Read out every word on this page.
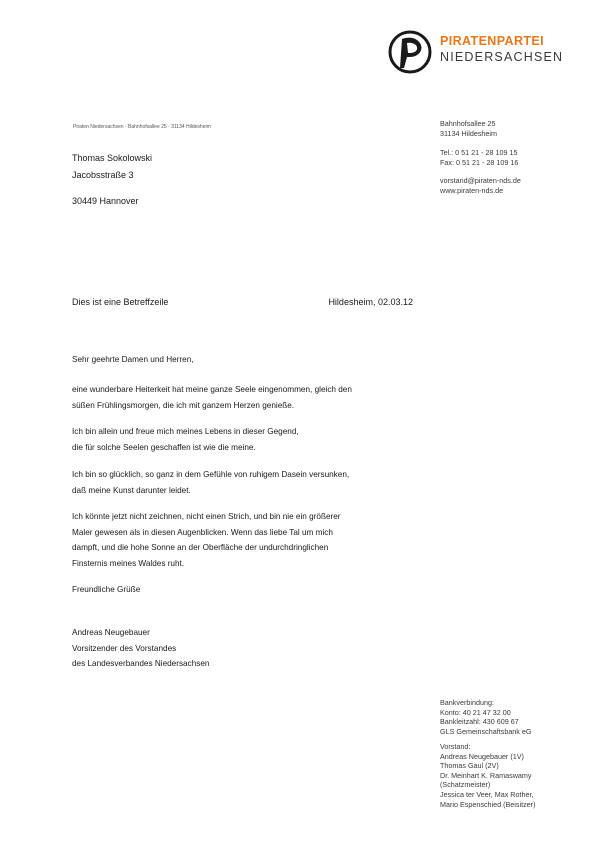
PIRATENPARTEI
NIEDERSACHSEN
Piraten Niedersachsen · Bahnhofsallee 25 · 31134 Hildesheim
Thomas Sokolowski
Jacobsstraße 3
30449 Hannover
Dies ist eine Betreffzeile	Hildesheim, 02.03.12

Sehr geehrte Damen und Herren,

eine wunderbare Heiterkeit hat meine ganze Seele eingenommen, gleich den

süßen Frühlingsmorgen, die ich mit ganzem Herzen genieße.

Ich bin allein und freue mich meines Lebens in dieser Gegend,

die für solche Seelen geschaffen ist wie die meine.

Ich bin so glücklich, so ganz in dem Gefühle von ruhigem Dasein versunken,

daß meine Kunst darunter leidet.

Ich könnte jetzt nicht zeichnen, nicht einen Strich, und bin nie ein größerer

Maler gewesen als in diesen Augenblicken. Wenn das liebe Tal um mich

dampft, und die hohe Sonne an der Oberfläche der undurchdringlichen

Finsternis meines Waldes ruht.

Freundliche Grüße

Andreas Neugebauer

Vorsitzender des Vorstandes

des Landesverbandes Niedersachsen

Bahnhofsallee 25
31134 Hildesheim
Tel.: 0 51 21 - 28 109 15
Fax: 0 51 21 - 28 109 16
vorstand@piraten-nds.de
www.piraten-nds.de
Bankverbindung:
Konto: 40 21 47 32 00
Bankleitzahl: 430 609 67
GLS Gemeinschaftsbank eG
Vorstand:
Andreas Neugebauer (1V)
Thomas Gaul (2V)
Dr. Meinhart K. Ramaswamy
(Schatzmeister)
Jessica ter Veer, Max Rother,
Mario Espenschied (Beisitzer)
